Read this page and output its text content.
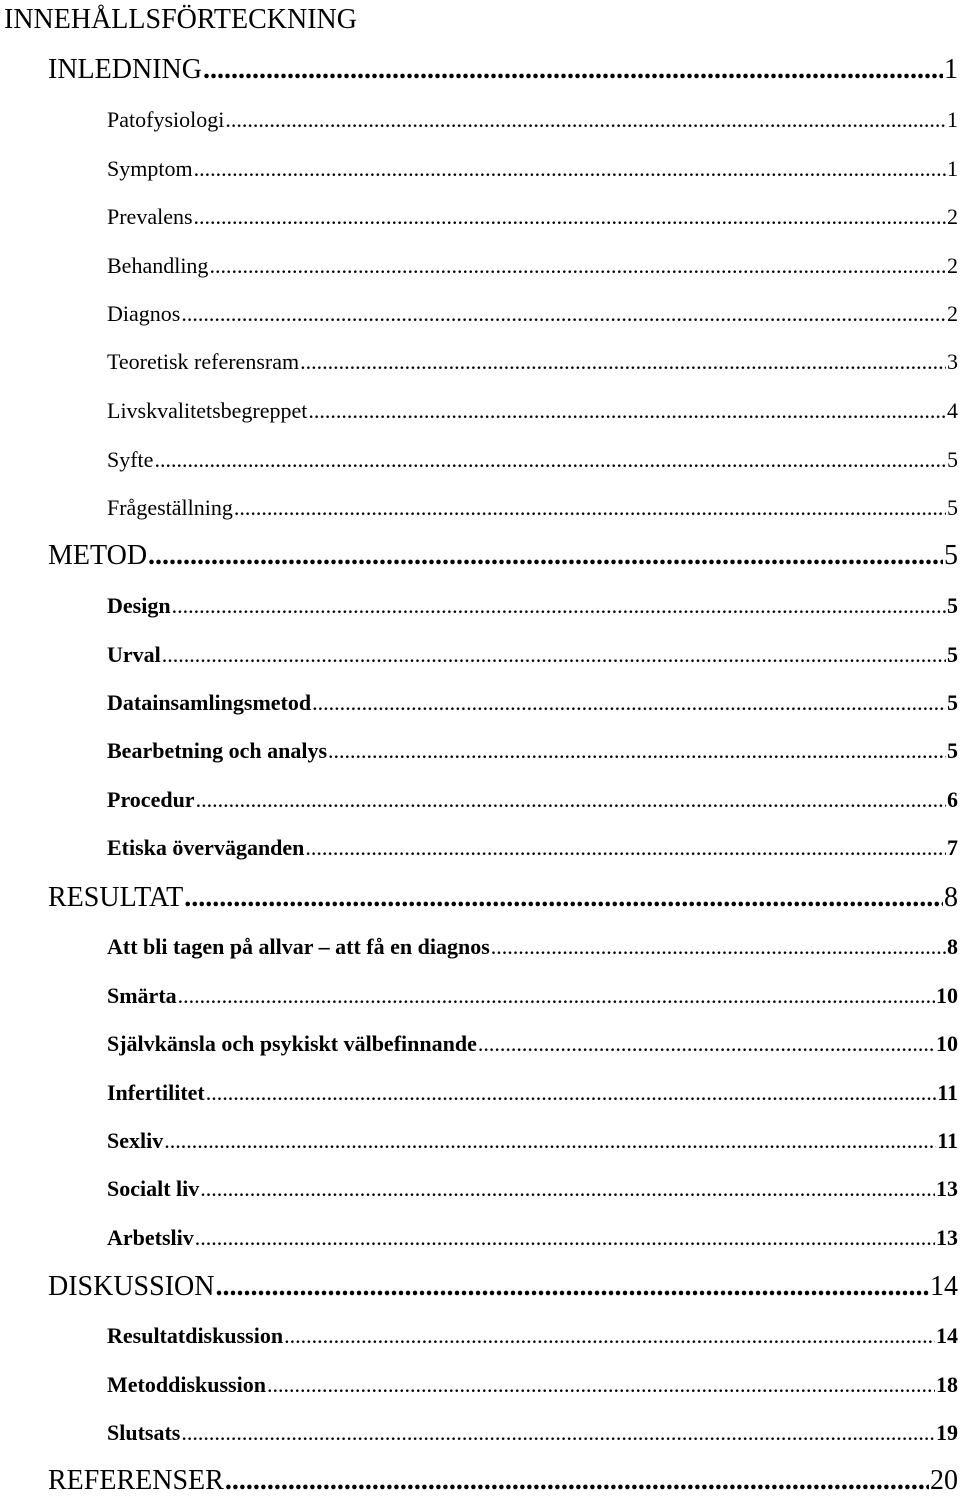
INNEHÅLLSFÖRTECKNING
INLEDNING .....	1
Patofysiologi .....	1
Symptom .....	1
Prevalens .....	2
Behandling .....	2
Diagnos .....	2
Teoretisk referensram .....	3
Livskvalitetsbegreppet .....	4
Syfte .....	5
Frågeställning .....	5
METOD .....	5
Design .....	5
Urval .....	5
Datainsamlingsmetod .....	5
Bearbetning och analys .....	5
Procedur .....	6
Etiska överväganden .....	7
RESULTAT .....	8
Att bli tagen på allvar – att få en diagnos .....	8
Smärta .....	10
Självkänsla och psykiskt välbefinnande .....	10
Infertilitet .....	11
Sexliv .....	11
Socialt liv .....	13
Arbetsliv .....	13
DISKUSSION .....	14
Resultatdiskussion .....	14
Metoddiskussion .....	18
Slutsats .....	19
REFERENSER .....	20
